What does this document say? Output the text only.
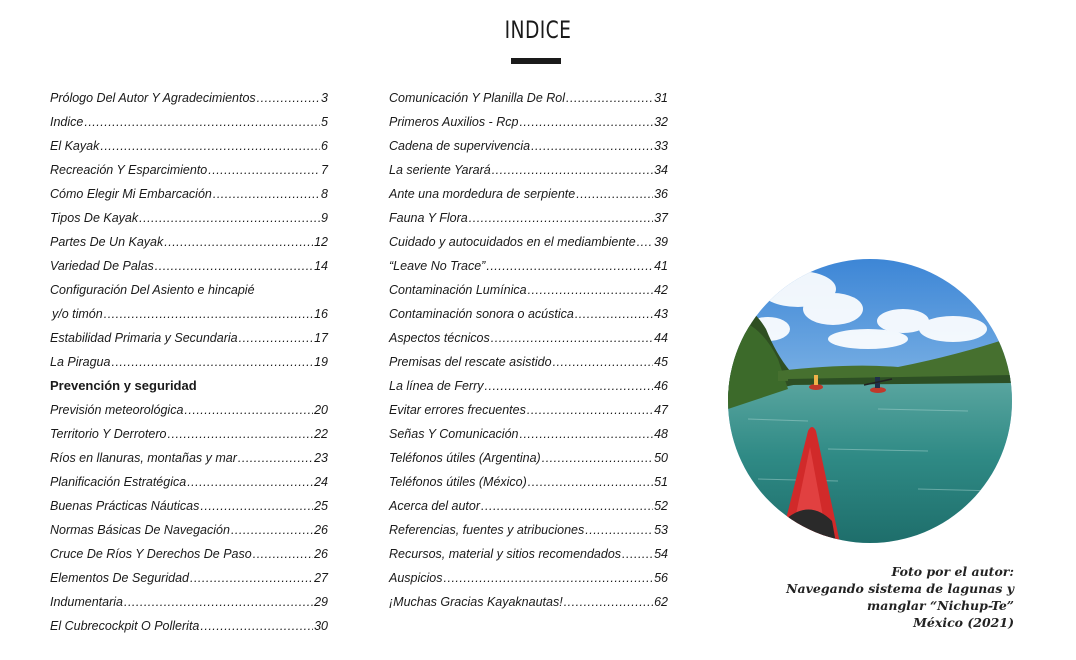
INDICE
Prólogo Del Autor Y Agradecimientos .....	3
Indice .....	5
El Kayak .....	6
Recreación Y Esparcimiento .....	7
Cómo Elegir Mi Embarcación .....	8
Tipos De Kayak .....	9
Partes De Un Kayak .....	12
Variedad De Palas .....	14
Configuración Del Asiento e hincapié
y/o timón .....	16
Estabilidad Primaria y Secundaria .....	17
La Piragua .....	19
Prevención y seguridad
Previsión meteorológica .....	20
Territorio Y Derrotero .....	22
Ríos en llanuras, montañas y mar .....	23
Planificación Estratégica .....	24
Buenas Prácticas Náuticas .....	25
Normas Básicas De Navegación .....	26
Cruce De Ríos Y Derechos De Paso .....	26
Elementos De Seguridad .....	27
Indumentaria .....	29
El Cubrecockpit O Pollerita .....	30
Comunicación Y Planilla De Rol .....	31
Primeros Auxilios - Rcp .....	32
Cadena de supervivencia .....	33
La seriente Yarará .....	34
Ante una mordedura de serpiente .....	36
Fauna Y Flora .....	37
Cuidado y autocuidados en el mediambiente ..... 39
“Leave No Trace” .....	41
Contaminación Lumínica .....	42
Contaminación sonora o acústica .....	43
Aspectos técnicos .....	44
Premisas del rescate asistido .....	45
La línea de Ferry .....	46
Evitar errores frecuentes .....	47
Señas Y Comunicación .....	48
Teléfonos útiles (Argentina) .....	50
Teléfonos útiles (México) .....	51
Acerca del autor .....	52
Referencias, fuentes y atribuciones .....	53
Recursos, material y sitios recomendados .....	54
Auspicios .....	56
¡Muchas Gracias Kayaknautas! .....	62
Foto por el autor:
Navegando sistema de lagunas y
manglar “Nichup-Te”
México (2021)
